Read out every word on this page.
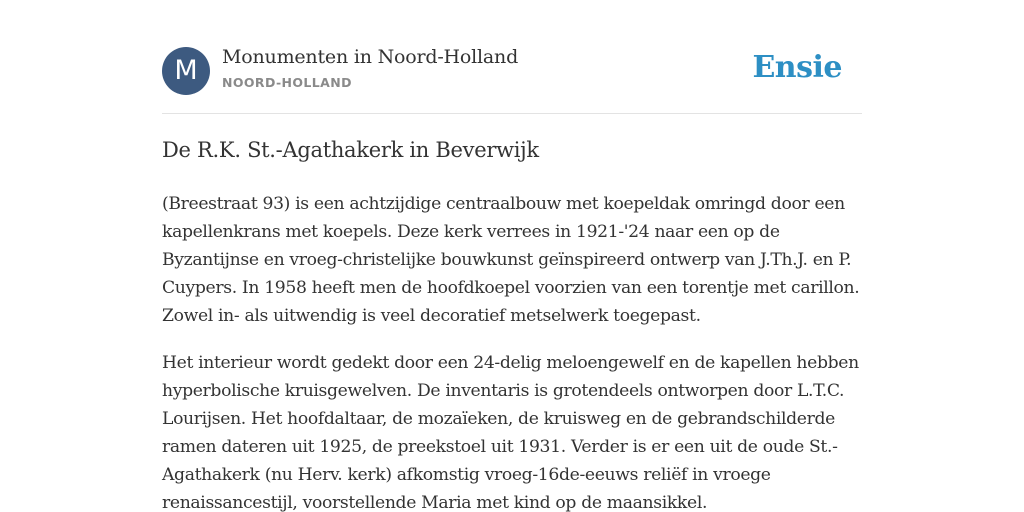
M	Monumenten in Noord-Holland
NOORD-HOLLAND	Ensie
De R.K. St.-Agathakerk in Beverwijk

(Breestraat 93) is een achtzijdige centraalbouw met koepeldak omringd door een kapellenkrans met koepels. Deze kerk verrees in 1921-'24 naar een op de Byzantijnse en vroeg-christelijke bouwkunst geïnspireerd ontwerp van J.Th.J. en P. Cuypers. In 1958 heeft men de hoofdkoepel voorzien van een torentje met carillon. Zowel in- als uitwendig is veel decoratief metselwerk toegepast.

Het interieur wordt gedekt door een 24-delig meloengewelf en de kapellen hebben hyperbolische kruisgewelven. De inventaris is grotendeels ontworpen door L.T.C. Lourijsen. Het hoofdaltaar, de mozaïeken, de kruisweg en de gebrandschilderde ramen dateren uit 1925, de preekstoel uit 1931. Verder is er een uit de oude St.-Agathakerk (nu Herv. kerk) afkomstig vroeg-16de-eeuws reliëf in vroege renaissancestijl, voorstellende Maria met kind op de maansikkel.
